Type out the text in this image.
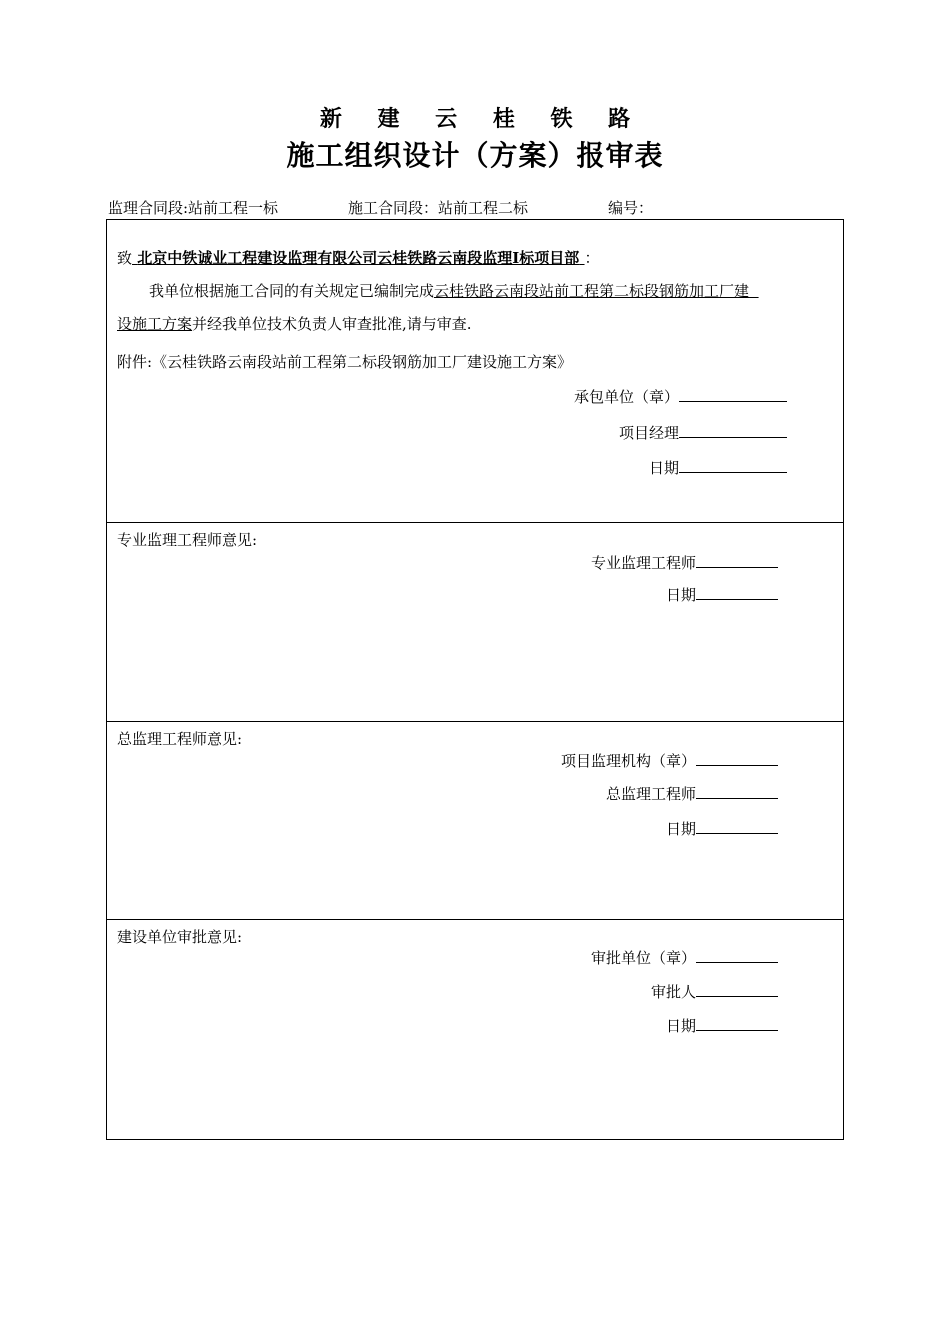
新 建 云 桂 铁 路
施工组织设计（方案）报审表
监理合同段:站前工程一标	施工合同段：站前工程二标	编号：
致 北京中铁诚业工程建设监理有限公司云桂铁路云南段监理Ⅰ标项目部 ：
我单位根据施工合同的有关规定已编制完成云桂铁路云南段站前工程第二标段钢筋加工厂建
设施工方案并经我单位技术负责人审查批准,请与审查.
附件:《云桂铁路云南段站前工程第二标段钢筋加工厂建设施工方案》
承包单位（章）
项目经理
日期
专业监理工程师意见:
专业监理工程师
日期
总监理工程师意见:
项目监理机构（章）
总监理工程师
日期
建设单位审批意见:
审批单位（章）
审批人
日期
